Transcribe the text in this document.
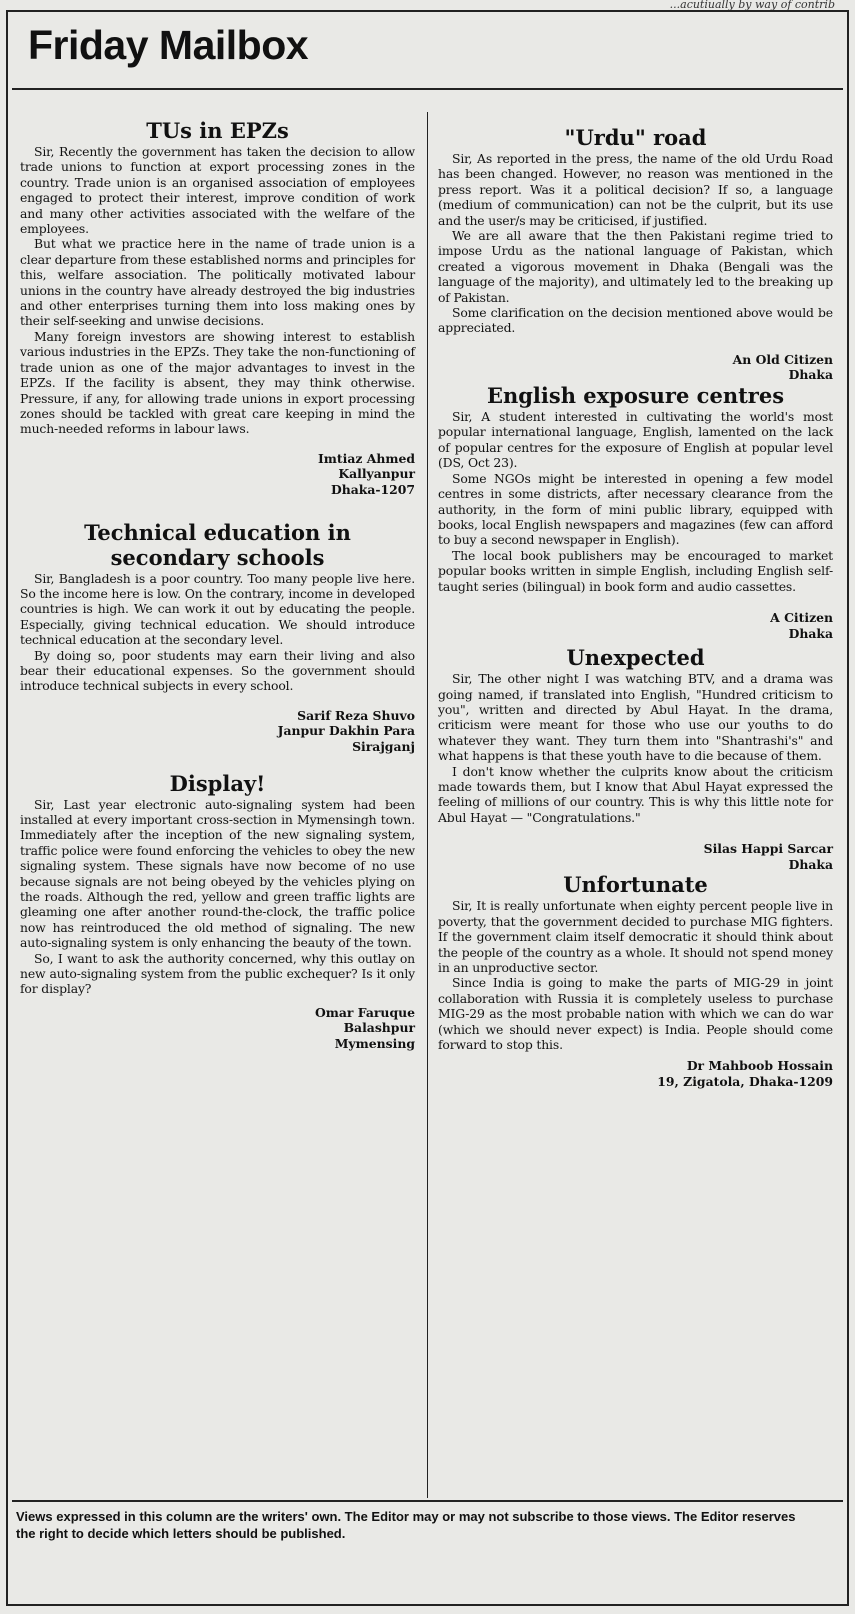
...acutiually by way of contrib
Friday Mailbox
TUs in EPZs

Sir, Recently the government has taken the decision to allow trade unions to function at export processing zones in the country. Trade union is an organised association of employees engaged to protect their interest, improve condition of work and many other activities associated with the welfare of the employees.

But what we practice here in the name of trade union is a clear departure from these established norms and principles for this, welfare association. The politically motivated labour unions in the country have already destroyed the big industries and other enterprises turning them into loss making ones by their self-seeking and unwise decisions.

Many foreign investors are showing interest to establish various industries in the EPZs. They take the non-functioning of trade union as one of the major advantages to invest in the EPZs. If the facility is absent, they may think otherwise. Pressure, if any, for allowing trade unions in export processing zones should be tackled with great care keeping in mind the much-needed reforms in labour laws.

Imtiaz Ahmed
Kallyanpur
Dhaka-1207
Technical education in secondary schools

Sir, Bangladesh is a poor country. Too many people live here. So the income here is low. On the contrary, income in developed countries is high. We can work it out by educating the people. Especially, giving technical education. We should introduce technical education at the secondary level.

By doing so, poor students may earn their living and also bear their educational expenses. So the government should introduce technical subjects in every school.

Sarif Reza Shuvo
Janpur Dakhin Para
Sirajganj
Display!

Sir, Last year electronic auto-signaling system had been installed at every important cross-section in Mymensingh town. Immediately after the inception of the new signaling system, traffic police were found enforcing the vehicles to obey the new signaling system. These signals have now become of no use because signals are not being obeyed by the vehicles plying on the roads. Although the red, yellow and green traffic lights are gleaming one after another round-the-clock, the traffic police now has reintroduced the old method of signaling. The new auto-signaling system is only enhancing the beauty of the town.

So, I want to ask the authority concerned, why this outlay on new auto-signaling system from the public exchequer? Is it only for display?

Omar Faruque
Balashpur
Mymensing
"Urdu" road

Sir, As reported in the press, the name of the old Urdu Road has been changed. However, no reason was mentioned in the press report. Was it a political decision? If so, a language (medium of communication) can not be the culprit, but its use and the user/s may be criticised, if justified.

We are all aware that the then Pakistani regime tried to impose Urdu as the national language of Pakistan, which created a vigorous movement in Dhaka (Bengali was the language of the majority), and ultimately led to the breaking up of Pakistan.

Some clarification on the decision mentioned above would be appreciated.

An Old Citizen
Dhaka
English exposure centres

Sir, A student interested in cultivating the world's most popular international language, English, lamented on the lack of popular centres for the exposure of English at popular level (DS, Oct 23).

Some NGOs might be interested in opening a few model centres in some districts, after necessary clearance from the authority, in the form of mini public library, equipped with books, local English newspapers and magazines (few can afford to buy a second newspaper in English).

The local book publishers may be encouraged to market popular books written in simple English, including English self-taught series (bilingual) in book form and audio cassettes.

A Citizen
Dhaka
Unexpected

Sir, The other night I was watching BTV, and a drama was going named, if translated into English, "Hundred criticism to you", written and directed by Abul Hayat. In the drama, criticism were meant for those who use our youths to do whatever they want. They turn them into "Shantrashi's" and what happens is that these youth have to die because of them.

I don't know whether the culprits know about the criticism made towards them, but I know that Abul Hayat expressed the feeling of millions of our country. This is why this little note for Abul Hayat — "Congratulations."

Silas Happi Sarcar
Dhaka
Unfortunate

Sir, It is really unfortunate when eighty percent people live in poverty, that the government decided to purchase MIG fighters. If the government claim itself democratic it should think about the people of the country as a whole. It should not spend money in an unproductive sector.

Since India is going to make the parts of MIG-29 in joint collaboration with Russia it is completely useless to purchase MIG-29 as the most probable nation with which we can do war (which we should never expect) is India. People should come forward to stop this.

Dr Mahboob Hossain
19, Zigatola, Dhaka-1209

Views expressed in this column are the writers' own. The Editor may or may not subscribe to those views. The Editor reserves the right to decide which letters should be published.
